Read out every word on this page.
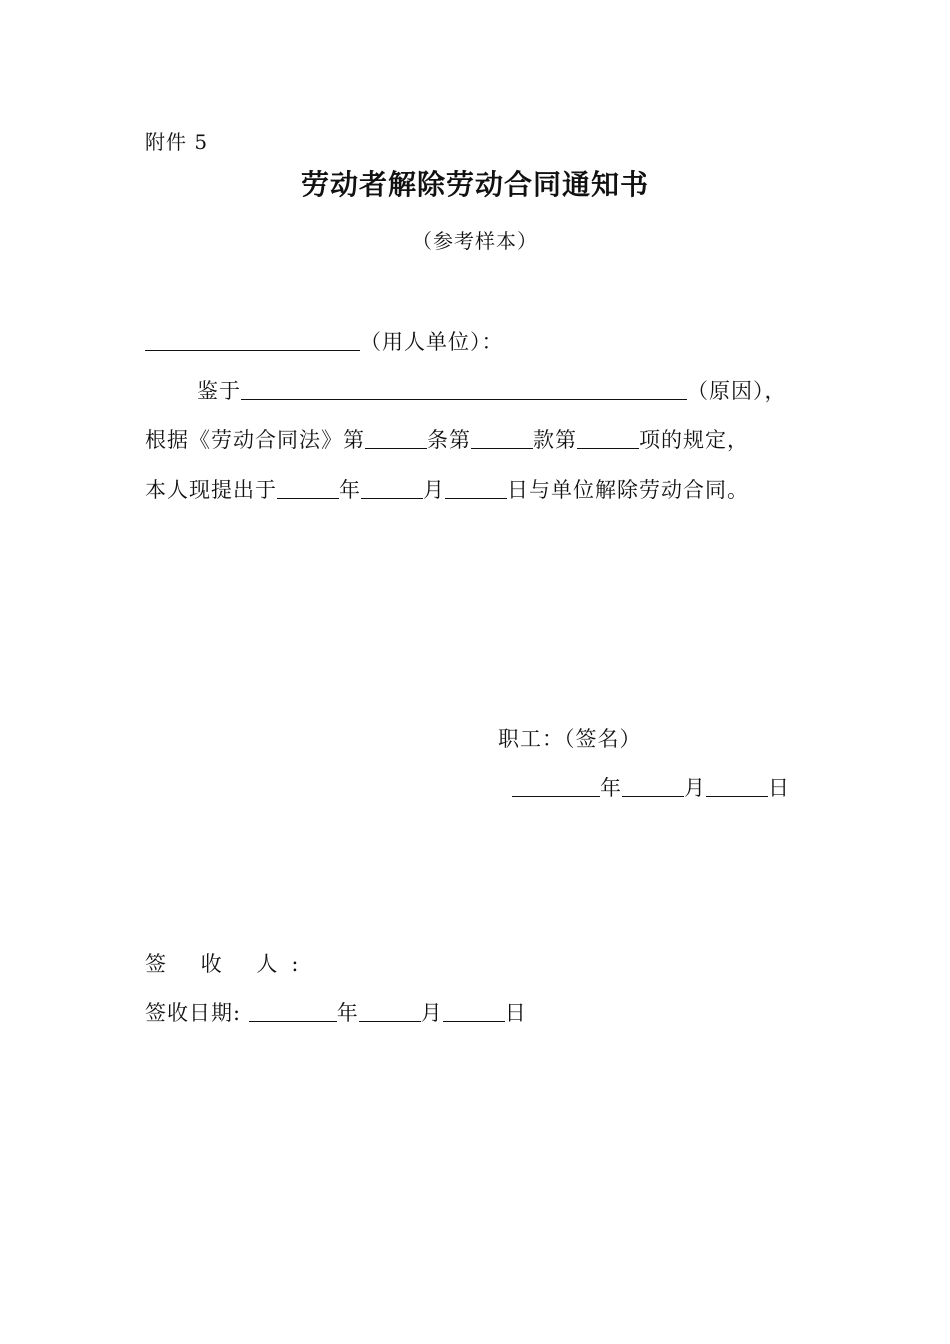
附件 5
劳动者解除劳动合同通知书
（参考样本）
（用人单位）：
鉴于	（原因），
根据《劳动合同法》第	条第	款第	项的规定，
本人现提出于	年	月	日与单位解除劳动合同。
职工：（签名）
年	月	日
签 收 人:
签收日期:	年	月	日
